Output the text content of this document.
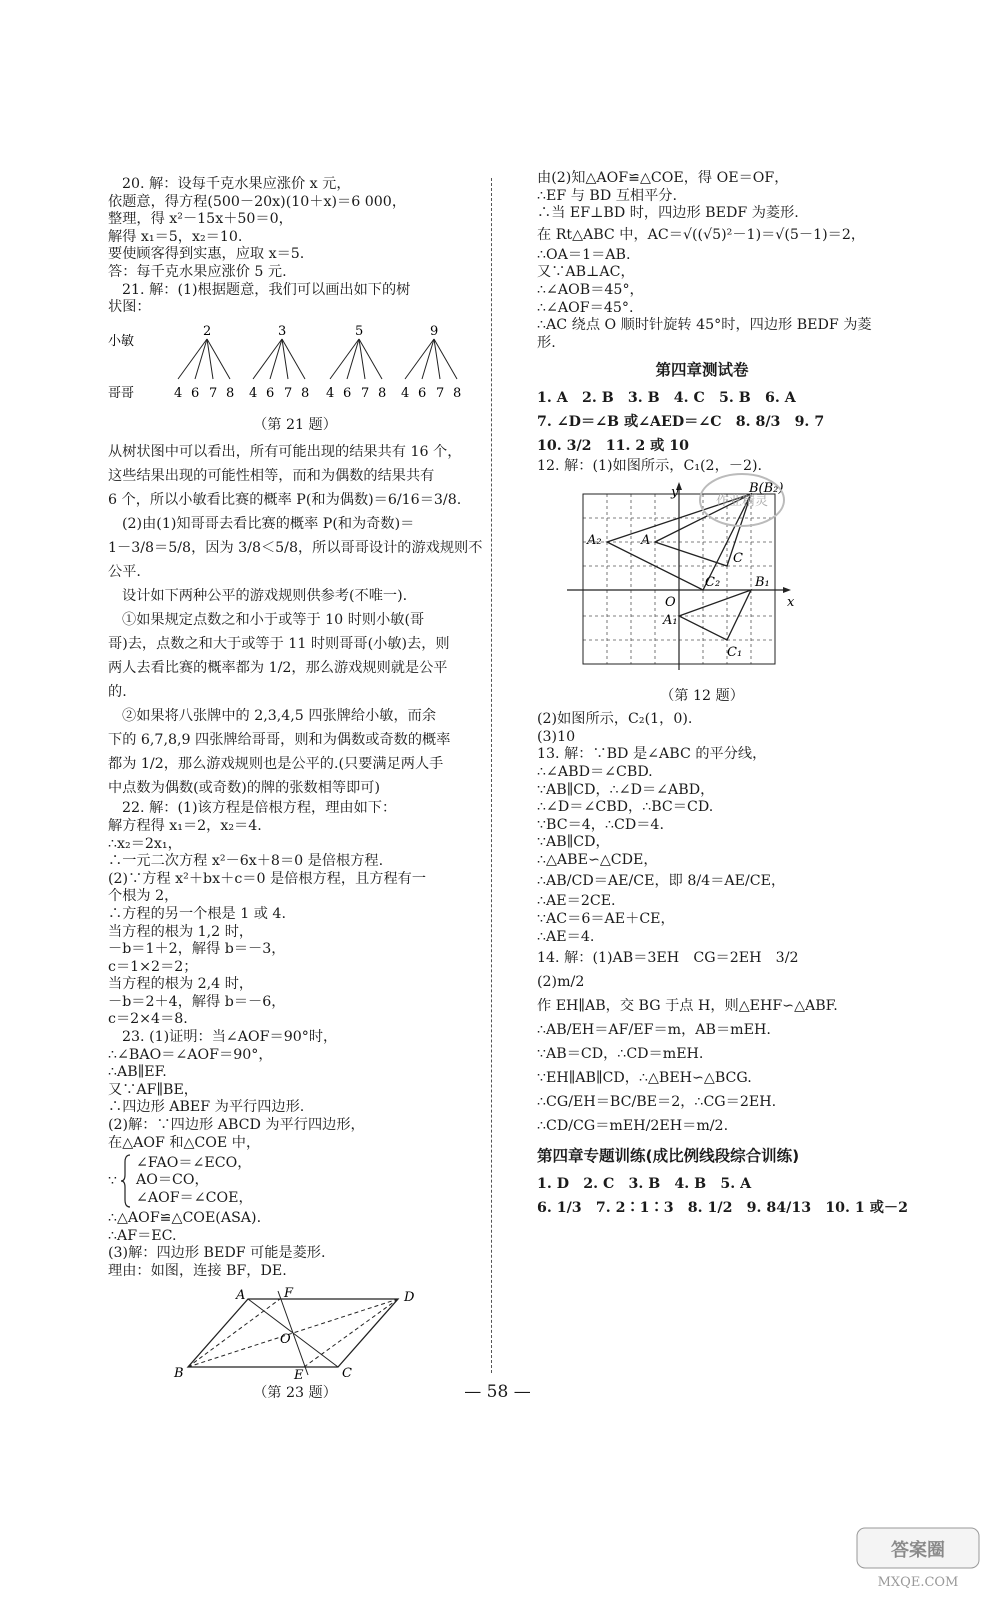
20. 解：设每千克水果应涨价 x 元，
依题意，得方程(500－20x)(10＋x)＝6 000，
整理，得 x²－15x＋50＝0，
解得 x₁＝5，x₂＝10.
要使顾客得到实惠，应取 x＝5.
答：每千克水果应涨价 5 元.
21. 解：(1)根据题意，我们可以画出如下的树
状图：
小敏
哥哥
2
4 6 7 8
3
4 6 7 8
5
4 6 7 8
9
4 6 7 8
（第 21 题）
从树状图中可以看出，所有可能出现的结果共有 16 个，
这些结果出现的可能性相等，而和为偶数的结果共有
6 个，所以小敏看比赛的概率 P(和为偶数)＝6/16＝3/8.
(2)由(1)知哥哥去看比赛的概率 P(和为奇数)＝
1－3/8＝5/8，因为 3/8＜5/8，所以哥哥设计的游戏规则不
公平.
设计如下两种公平的游戏规则供参考(不唯一).
①如果规定点数之和小于或等于 10 时则小敏(哥
哥)去，点数之和大于或等于 11 时则哥哥(小敏)去，则
两人去看比赛的概率都为 1/2，那么游戏规则就是公平
的.
②如果将八张牌中的 2,3,4,5 四张牌给小敏，而余
下的 6,7,8,9 四张牌给哥哥，则和为偶数或奇数的概率
都为 1/2，那么游戏规则也是公平的.(只要满足两人手
中点数为偶数(或奇数)的牌的张数相等即可)
22. 解：(1)该方程是倍根方程，理由如下：
解方程得 x₁＝2，x₂＝4.
∴x₂＝2x₁，
∴一元二次方程 x²－6x＋8＝0 是倍根方程.
(2)∵方程 x²＋bx＋c＝0 是倍根方程，且方程有一
个根为 2，
∴方程的另一个根是 1 或 4.
当方程的根为 1,2 时，
－b＝1＋2，解得 b＝－3，
c＝1×2＝2；
当方程的根为 2,4 时，
－b＝2＋4，解得 b＝－6，
c＝2×4＝8.
23. (1)证明：当∠AOF＝90°时，
∴∠BAO＝∠AOF＝90°，
∴AB∥EF.
又∵AF∥BE，
∴四边形 ABEF 为平行四边形.
(2)解：∵四边形 ABCD 为平行四边形，
在△AOF 和△COE 中，
∵
∠FAO＝∠ECO，
AO＝CO，
∠AOF＝∠COE，
∴△AOF≌△COE(ASA).
∴AF＝EC.
(3)解：四边形 BEDF 可能是菱形.
理由：如图，连接 BF，DE.
A	F	D
O
B	E	C
（第 23 题）
由(2)知△AOF≌△COE，得 OE＝OF，
∴EF 与 BD 互相平分.
∴当 EF⊥BD 时，四边形 BEDF 为菱形.
在 Rt△ABC 中，AC＝√((√5)²－1)＝√(5－1)＝2，
∴OA＝1＝AB.
又∵AB⊥AC，
∴∠AOB＝45°，
∴∠AOF＝45°.
∴AC 绕点 O 顺时针旋转 45°时，四边形 BEDF 为菱
形.
第四章测试卷
1. A　2. B　3. B　4. C　5. B　6. A
7. ∠D＝∠B 或∠AED＝∠C　8. 8/3　9. 7
10. 3/2　11. 2 或 10
12. 解：(1)如图所示，C₁(2，－2).
y
x
O
A
A₂
A₁
B(B₂)
B₁
C
C₂
C₁
（第 12 题）
(2)如图所示，C₂(1，0).
(3)10
13. 解：∵BD 是∠ABC 的平分线，
∴∠ABD＝∠CBD.
∵AB∥CD，∴∠D＝∠ABD，
∴∠D＝∠CBD，∴BC＝CD.
∵BC＝4，∴CD＝4.
∵AB∥CD，
∴△ABE∽△CDE，
∴AB/CD＝AE/CE，即 8/4＝AE/CE，
∴AE＝2CE.
∵AC＝6＝AE＋CE，
∴AE＝4.
14. 解：(1)AB＝3EH　CG＝2EH　3/2
(2)m/2
作 EH∥AB，交 BG 于点 H，则△EHF∽△ABF.
∴AB/EH＝AF/EF＝m，AB＝mEH.
∵AB＝CD，∴CD＝mEH.
∵EH∥AB∥CD，∴△BEH∽△BCG.
∴CG/EH＝BC/BE＝2，∴CG＝2EH.
∴CD/CG＝mEH/2EH＝m/2.
第四章专题训练(成比例线段综合训练)
1. D　2. C　3. B　4. B　5. A
6. 1/3　7. 2∶1∶3　8. 1/2　9. 84/13　10. 1 或－2
— 58 —
作业精灵
答案圈
MXQE.COM
